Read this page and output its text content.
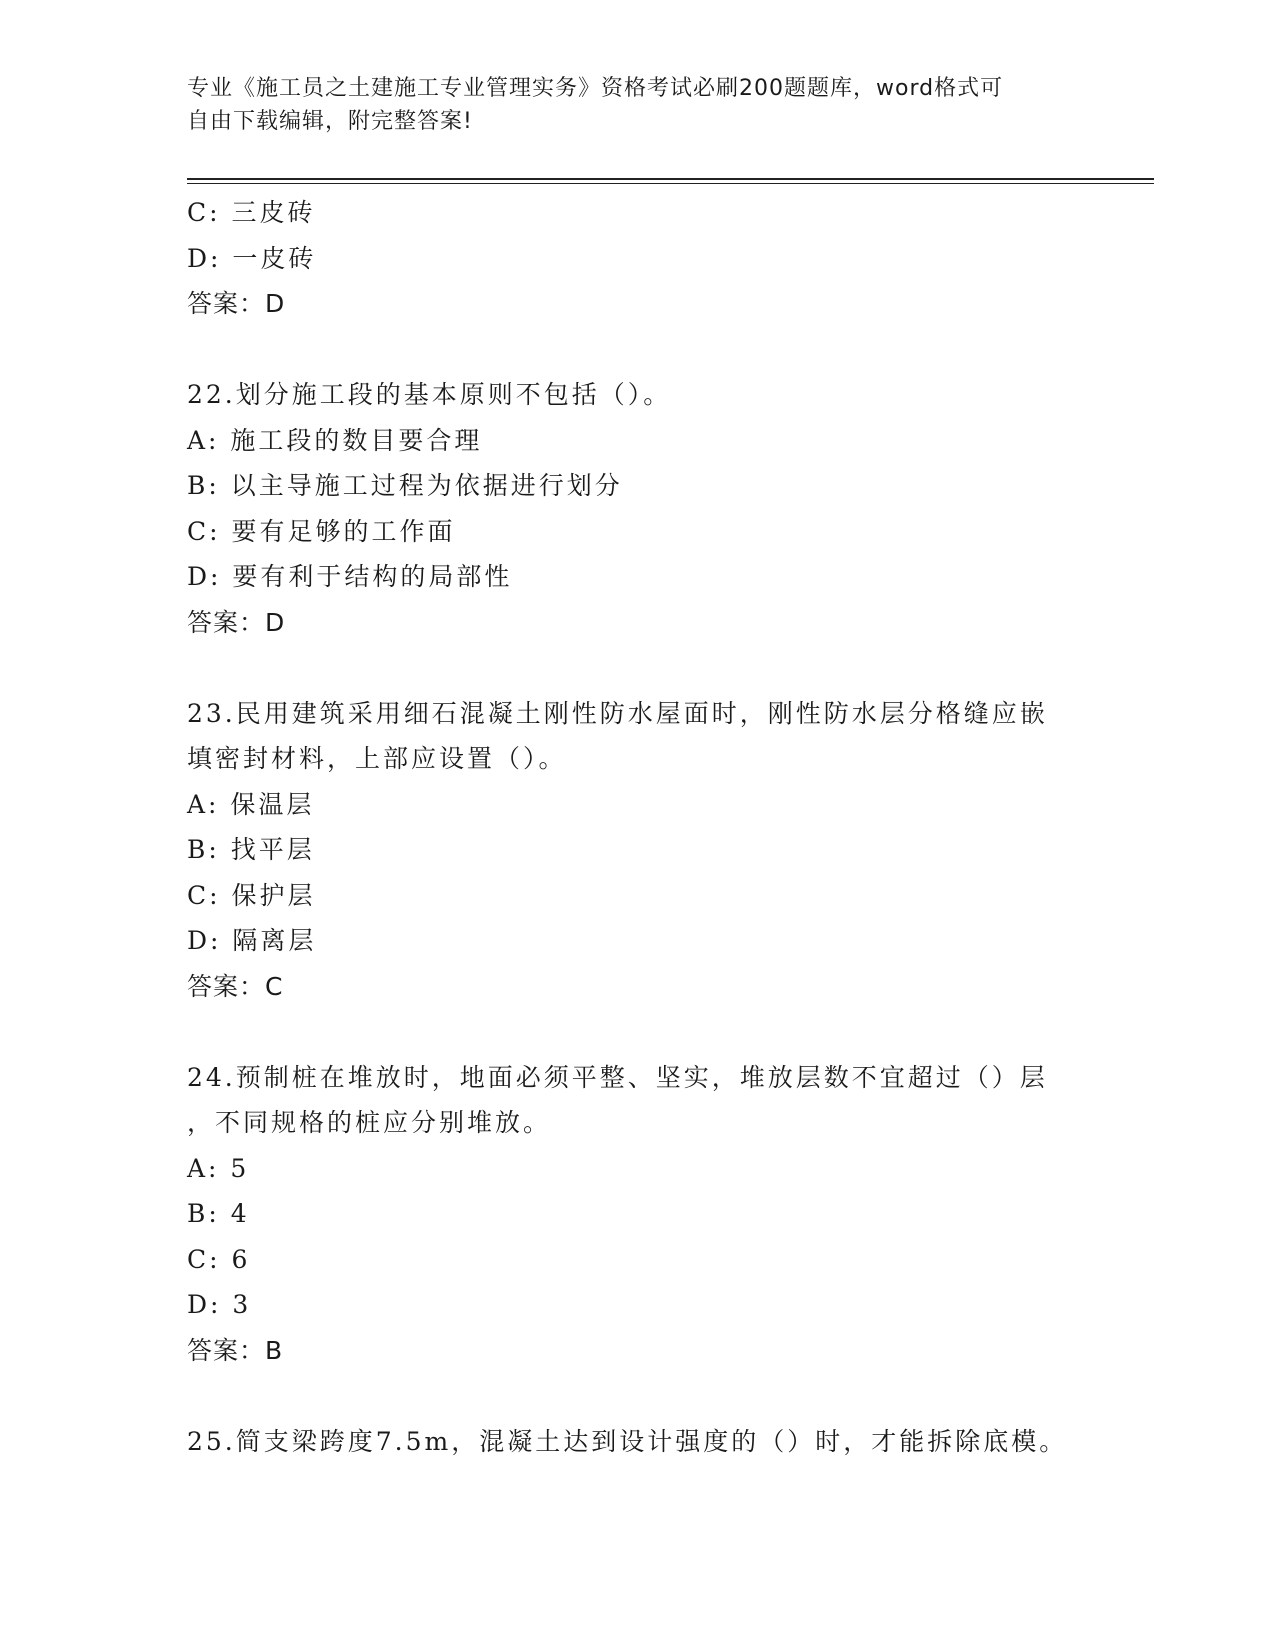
专业《施工员之土建施工专业管理实务》资格考试必刷200题题库，word格式可
自由下载编辑，附完整答案!
C: 三皮砖
D: 一皮砖
答案：D
22.划分施工段的基本原则不包括（）。
A: 施工段的数目要合理
B: 以主导施工过程为依据进行划分
C: 要有足够的工作面
D: 要有利于结构的局部性
答案：D
23.民用建筑采用细石混凝土刚性防水屋面时，刚性防水层分格缝应嵌
填密封材料，上部应设置（）。
A: 保温层
B: 找平层
C: 保护层
D: 隔离层
答案：C
24.预制桩在堆放时，地面必须平整、坚实，堆放层数不宜超过（）层
，不同规格的桩应分别堆放。
A: 5
B: 4
C: 6
D: 3
答案：B
25.简支梁跨度7.5m，混凝土达到设计强度的（）时，才能拆除底模。
